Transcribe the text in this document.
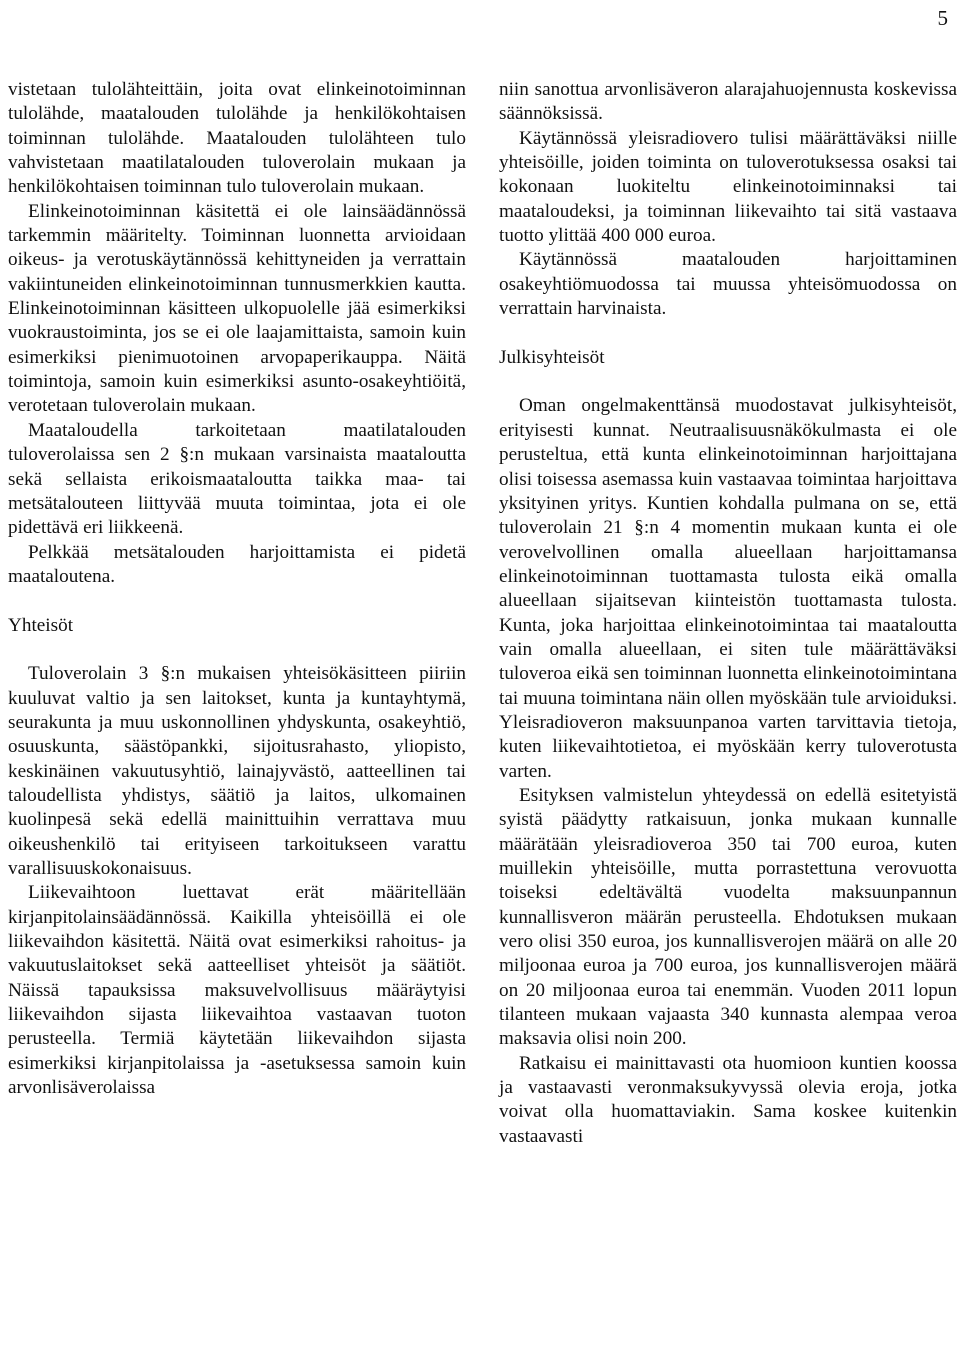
5

vistetaan tulolähteittäin, joita ovat elinkeinotoiminnan tulolähde, maatalouden tulolähde ja henkilökohtaisen toiminnan tulolähde. Maatalouden tulolähteen tulo vahvistetaan maatilatalouden tuloverolain mukaan ja henkilökohtaisen toiminnan tulo tuloverolain mukaan.

Elinkeinotoiminnan käsitettä ei ole lainsäädännössä tarkemmin määritelty. Toiminnan luonnetta arvioidaan oikeus- ja verotuskäytännössä kehittyneiden ja verrattain vakiintuneiden elinkeinotoiminnan tunnusmerkkien kautta. Elinkeinotoiminnan käsitteen ulkopuolelle jää esimerkiksi vuokraustoiminta, jos se ei ole laajamittaista, samoin kuin esimerkiksi pienimuotoinen arvopaperikauppa. Näitä toimintoja, samoin kuin esimerkiksi asunto-osakeyhtiöitä, verotetaan tuloverolain mukaan.

Maataloudella tarkoitetaan maatilatalouden tuloverolaissa sen 2 §:n mukaan varsinaista maataloutta sekä sellaista erikoismaataloutta taikka maa- tai metsätalouteen liittyvää muuta toimintaa, jota ei ole pidettävä eri liikkeenä.

Pelkkää metsätalouden harjoittamista ei pidetä maataloutena.

Yhteisöt

Tuloverolain 3 §:n mukaisen yhteisökäsitteen piiriin kuuluvat valtio ja sen laitokset, kunta ja kuntayhtymä, seurakunta ja muu uskonnollinen yhdyskunta, osakeyhtiö, osuuskunta, säästöpankki, sijoitusrahasto, yliopisto, keskinäinen vakuutusyhtiö, lainajyvästö, aatteellinen tai taloudellista yhdistys, säätiö ja laitos, ulkomainen kuolinpesä sekä edellä mainittuihin verrattava muu oikeushenkilö tai erityiseen tarkoitukseen varattu varallisuuskokonaisuus.

Liikevaihtoon luettavat erät määritellään kirjanpitolainsäädännössä. Kaikilla yhteisöillä ei ole liikevaihdon käsitettä. Näitä ovat esimerkiksi rahoitus- ja vakuutuslaitokset sekä aatteelliset yhteisöt ja säätiöt. Näissä tapauksissa maksuvelvollisuus määräytyisi liikevaihdon sijasta liikevaihtoa vastaavan tuoton perusteella. Termiä käytetään liikevaihdon sijasta esimerkiksi kirjanpitolaissa ja -asetuksessa samoin kuin arvonlisäverolaissa

niin sanottua arvonlisäveron alarajahuojennusta koskevissa säännöksissä.

Käytännössä yleisradiovero tulisi määrättäväksi niille yhteisöille, joiden toiminta on tuloverotuksessa osaksi tai kokonaan luokiteltu elinkeinotoiminnaksi tai maataloudeksi, ja toiminnan liikevaihto tai sitä vastaava tuotto ylittää 400 000 euroa.

Käytännössä maatalouden harjoittaminen osakeyhtiömuodossa tai muussa yhteisömuodossa on verrattain harvinaista.

Julkisyhteisöt

Oman ongelmakenttänsä muodostavat julkisyhteisöt, erityisesti kunnat. Neutraalisuusnäkökulmasta ei ole perusteltua, että kunta elinkeinotoiminnan harjoittajana olisi toisessa asemassa kuin vastaavaa toimintaa harjoittava yksityinen yritys. Kuntien kohdalla pulmana on se, että tuloverolain 21 §:n 4 momentin mukaan kunta ei ole verovelvollinen omalla alueellaan harjoittamansa elinkeinotoiminnan tuottamasta tulosta eikä omalla alueellaan sijaitsevan kiinteistön tuottamasta tulosta. Kunta, joka harjoittaa elinkeinotoimintaa tai maataloutta vain omalla alueellaan, ei siten tule määrättäväksi tuloveroa eikä sen toiminnan luonnetta elinkeinotoimintana tai muuna toimintana näin ollen myöskään tule arvioiduksi. Yleisradioveron maksuunpanoa varten tarvittavia tietoja, kuten liikevaihtotietoa, ei myöskään kerry tuloverotusta varten.

Esityksen valmistelun yhteydessä on edellä esitetyistä syistä päädytty ratkaisuun, jonka mukaan kunnalle määrätään yleisradioveroa 350 tai 700 euroa, kuten muillekin yhteisöille, mutta porrastettuna verovuotta toiseksi edeltävältä vuodelta maksuunpannun kunnallisveron määrän perusteella. Ehdotuksen mukaan vero olisi 350 euroa, jos kunnallisverojen määrä on alle 20 miljoonaa euroa ja 700 euroa, jos kunnallisverojen määrä on 20 miljoonaa euroa tai enemmän. Vuoden 2011 lopun tilanteen mukaan vajaasta 340 kunnasta alempaa veroa maksavia olisi noin 200.

Ratkaisu ei mainittavasti ota huomioon kuntien koossa ja vastaavasti veronmaksukyvyssä olevia eroja, jotka voivat olla huomattaviakin. Sama koskee kuitenkin vastaavasti
